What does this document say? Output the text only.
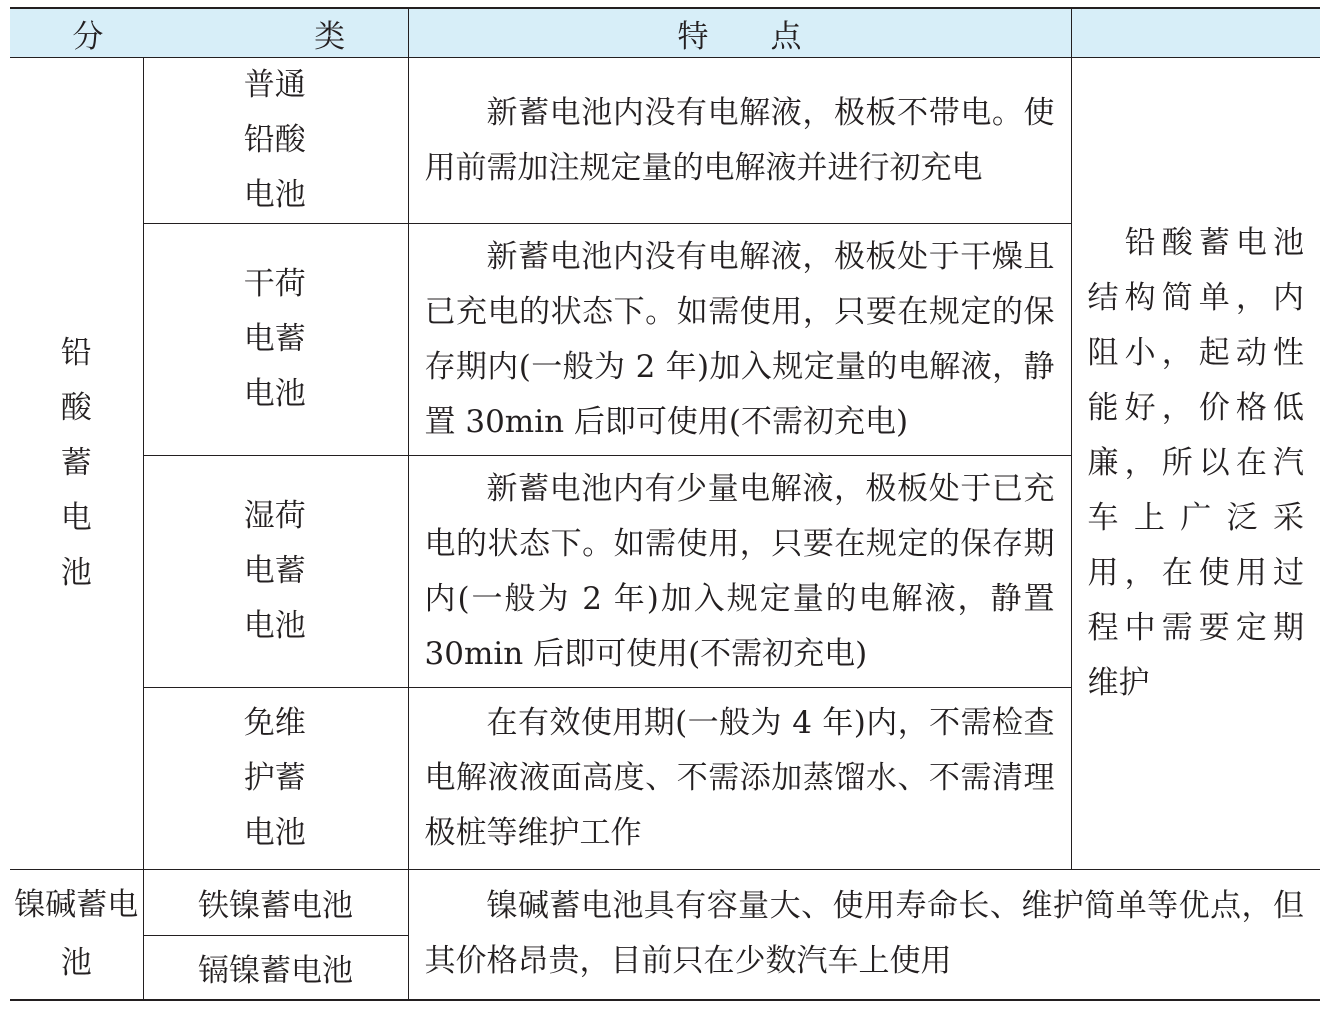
分　　类		特　　点	
铅酸蓄电池	普通铅酸电池	新蓄电池内没有电解液，极板不带电。使用前需加注规定量的电解液并进行初充电	铅酸蓄电池结构简单，内阻小，起动性能好，价格低廉，所以在汽车上广泛采用，在使用过程中需要定期维护
	干荷电蓄电池	新蓄电池内没有电解液，极板处于干燥且已充电的状态下。如需使用，只要在规定的保存期内(一般为 2 年)加入规定量的电解液，静置 30min 后即可使用(不需初充电)	
	湿荷电蓄电池	新蓄电池内有少量电解液，极板处于已充电的状态下。如需使用，只要在规定的保存期内(一般为 2 年)加入规定量的电解液，静置 30min 后即可使用(不需初充电)	
	免维护蓄电池	在有效使用期(一般为 4 年)内，不需检查电解液液面高度、不需添加蒸馏水、不需清理极桩等维护工作	
镍碱蓄电池	铁镍蓄电池	镍碱蓄电池具有容量大、使用寿命长、维护简单等优点，但其价格昂贵，目前只在少数汽车上使用	
	镉镍蓄电池		
